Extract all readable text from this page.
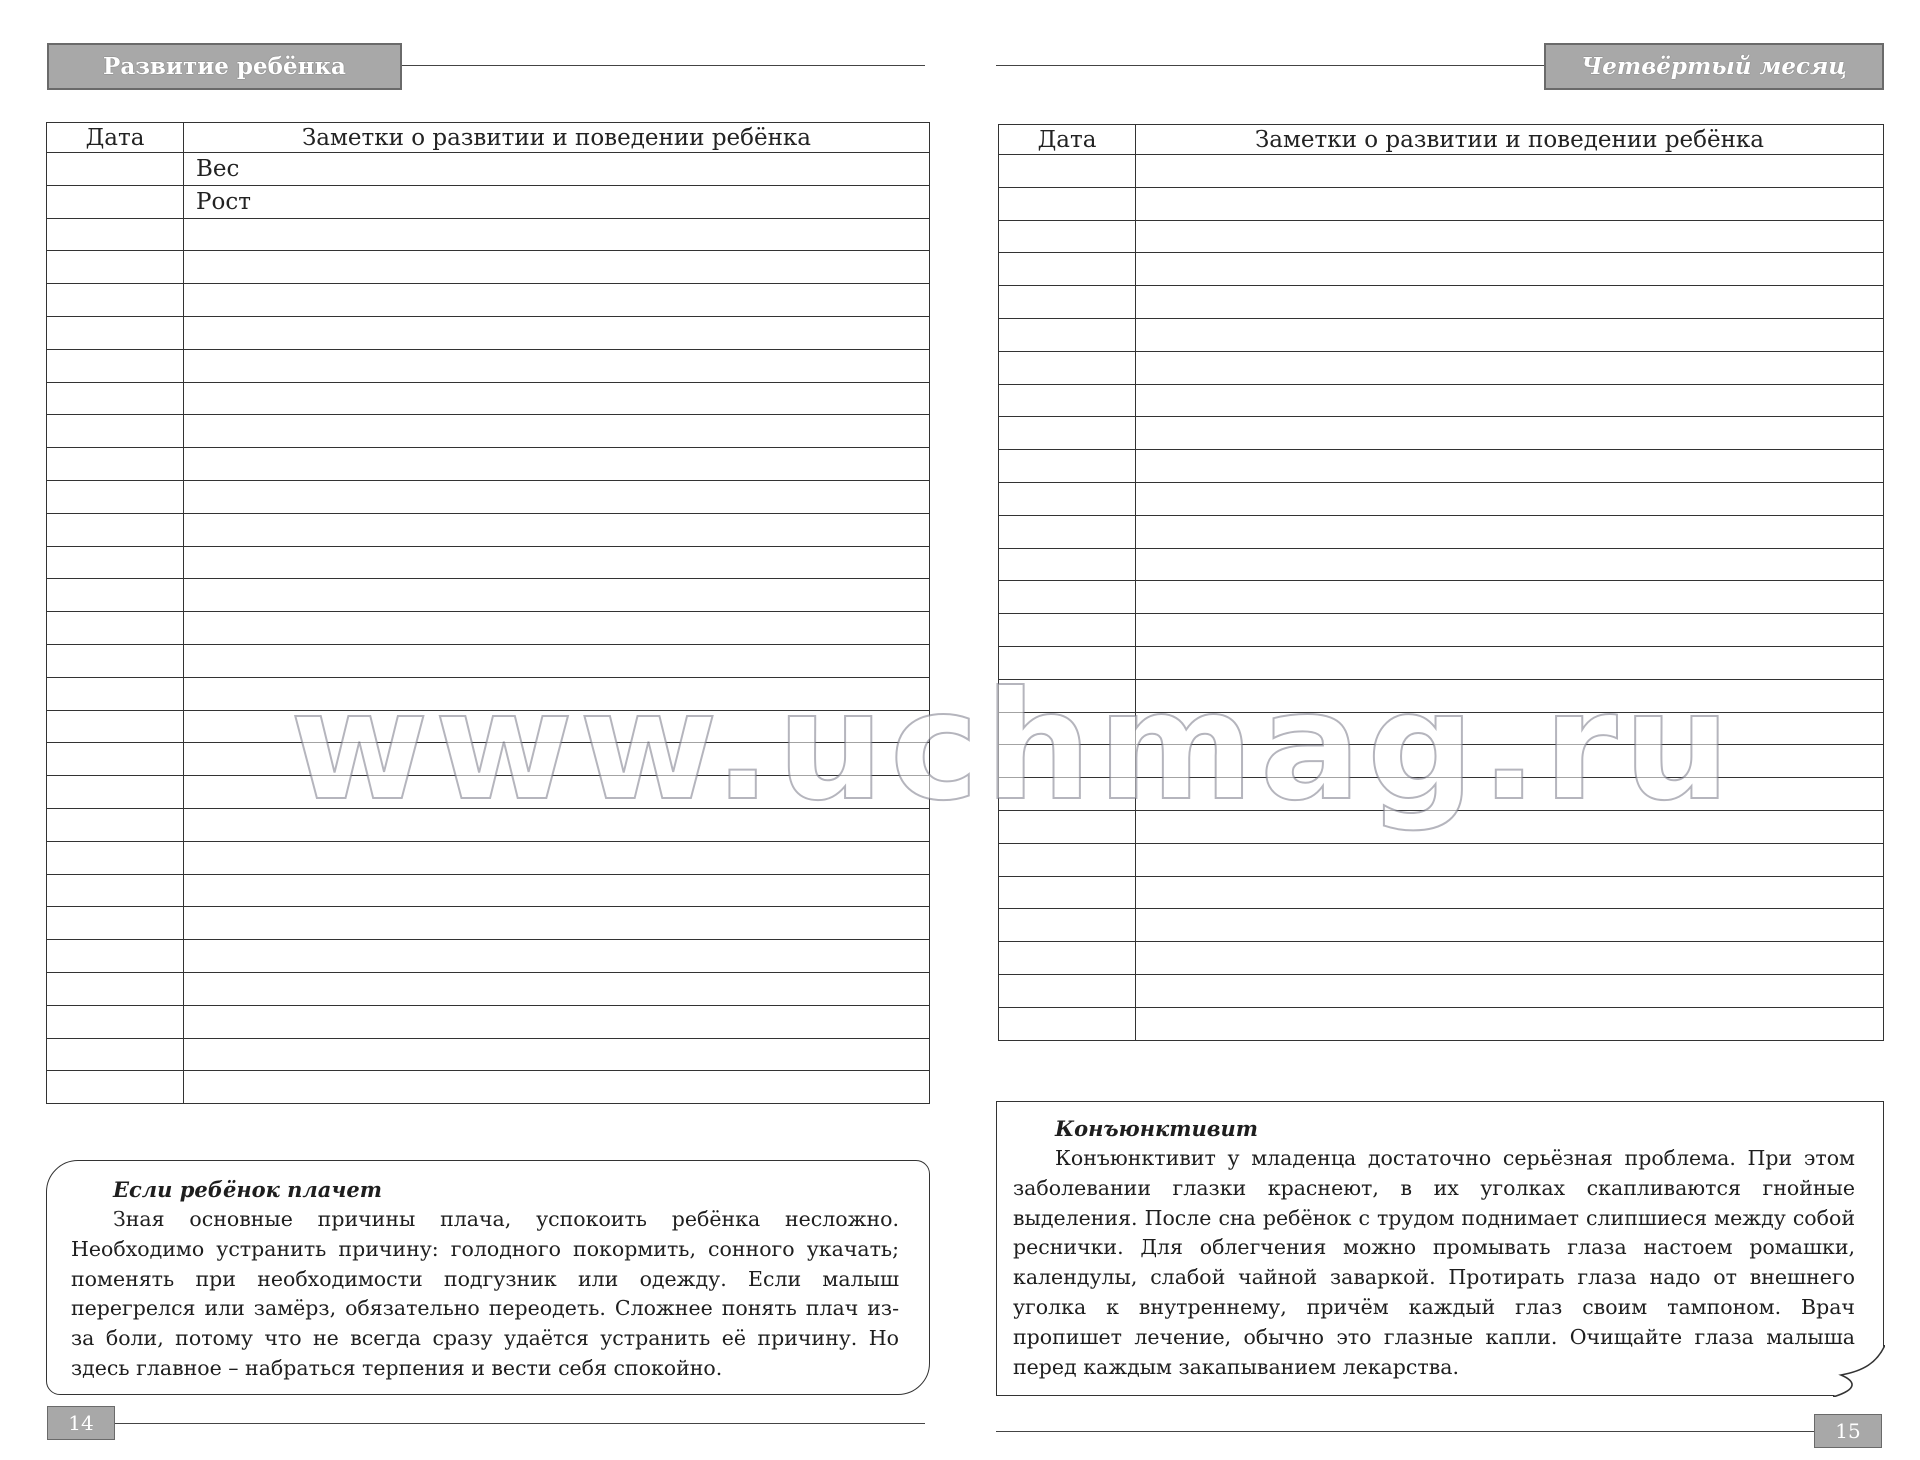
Развитие ребёнка
Дата	Заметки о развитии и поведении ребёнка
	Вес
	Рост

Если ребёнок плачет

Зная основные причины плача, успокоить ребёнка несложно. Необходимо устранить причину: голодного покормить, сонного укачать; поменять при необходимости подгузник или одежду. Если малыш перегрелся или замёрз, обязательно переодеть. Сложнее понять плач из-за боли, потому что не всегда сразу удаётся устранить её причину. Но здесь главное – набраться терпения и вести себя спокойно.

14
Четвёртый месяц
Дата	Заметки о развитии и поведении ребёнка

Конъюнктивит

Конъюнктивит у младенца достаточно серьёзная проблема. При этом заболевании глазки краснеют, в их уголках скапливаются гнойные выделения. После сна ребёнок с трудом поднимает слипшиеся между собой реснички. Для облегчения можно промывать глаза настоем ромашки, календулы, слабой чайной заваркой. Протирать глаза надо от внешнего уголка к внутреннему, причём каждый глаз своим тампоном. Врач пропишет лечение, обычно это глазные капли. Очищайте глаза малыша перед каждым закапыванием лекарства.

15
www.uchmag.ru
